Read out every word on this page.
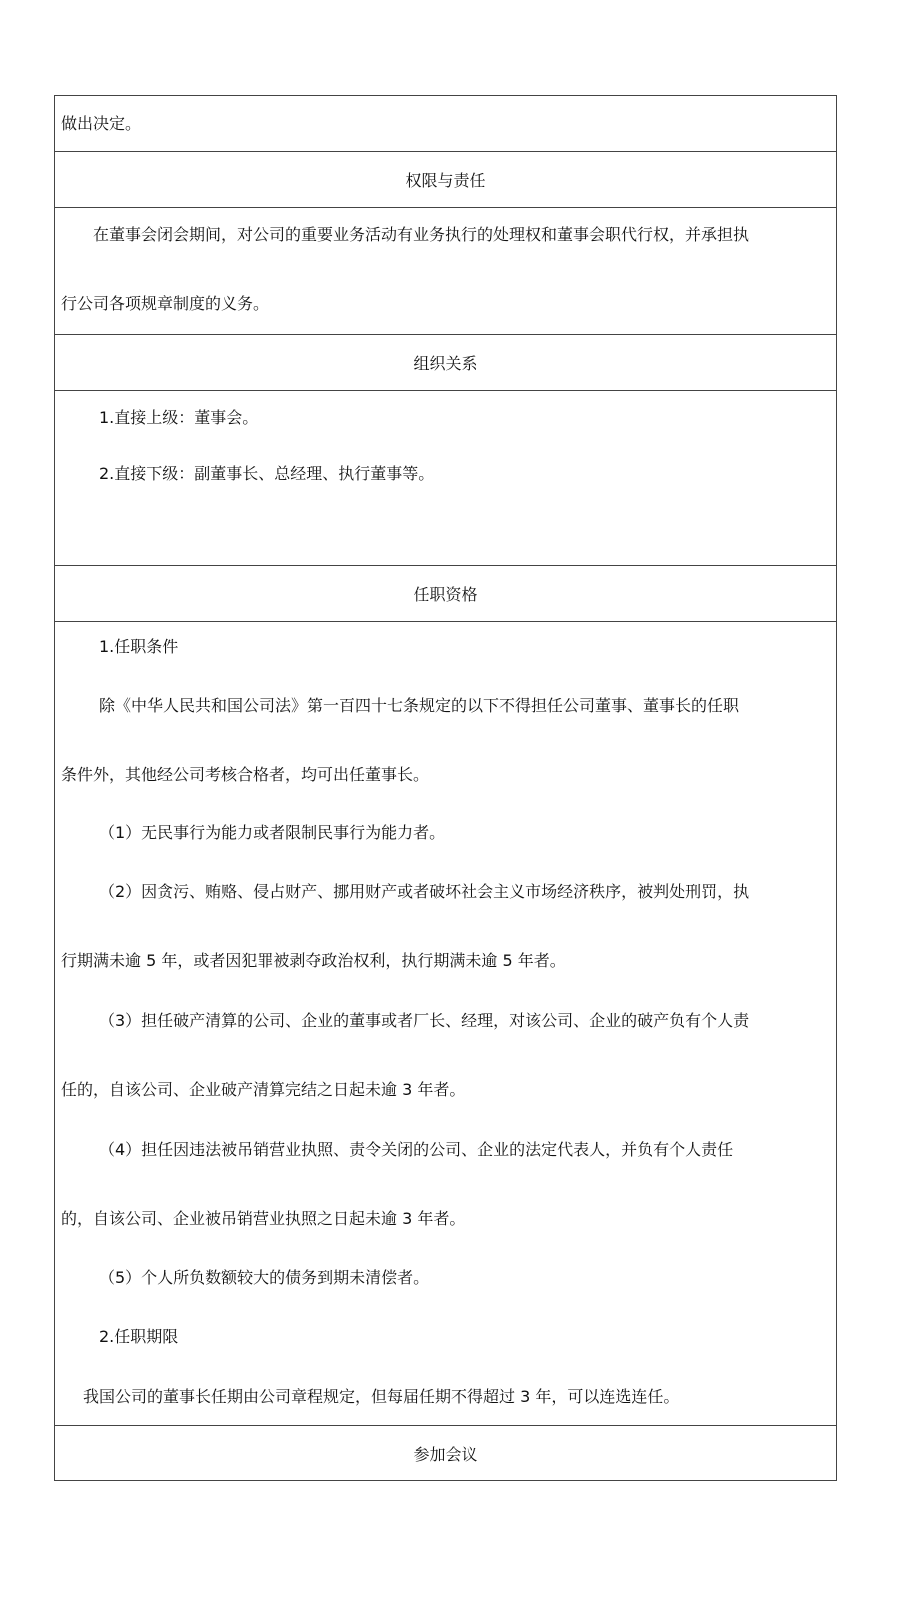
做出决定。
权限与责任
　　在董事会闭会期间，对公司的重要业务活动有业务执行的处理权和董事会职代行权，并承担执
行公司各项规章制度的义务。
组织关系
1.直接上级：董事会。
2.直接下级：副董事长、总经理、执行董事等。
任职资格
1.任职条件
除《中华人民共和国公司法》第一百四十七条规定的以下不得担任公司董事、董事长的任职
条件外，其他经公司考核合格者，均可出任董事长。
（1）无民事行为能力或者限制民事行为能力者。
（2）因贪污、贿赂、侵占财产、挪用财产或者破坏社会主义市场经济秩序，被判处刑罚，执
行期满未逾 5 年，或者因犯罪被剥夺政治权利，执行期满未逾 5 年者。
（3）担任破产清算的公司、企业的董事或者厂长、经理，对该公司、企业的破产负有个人责
任的，自该公司、企业破产清算完结之日起未逾 3 年者。
（4）担任因违法被吊销营业执照、责令关闭的公司、企业的法定代表人，并负有个人责任
的，自该公司、企业被吊销营业执照之日起未逾 3 年者。
（5）个人所负数额较大的债务到期未清偿者。
2.任职期限
我国公司的董事长任期由公司章程规定，但每届任期不得超过 3 年，可以连选连任。
参加会议
